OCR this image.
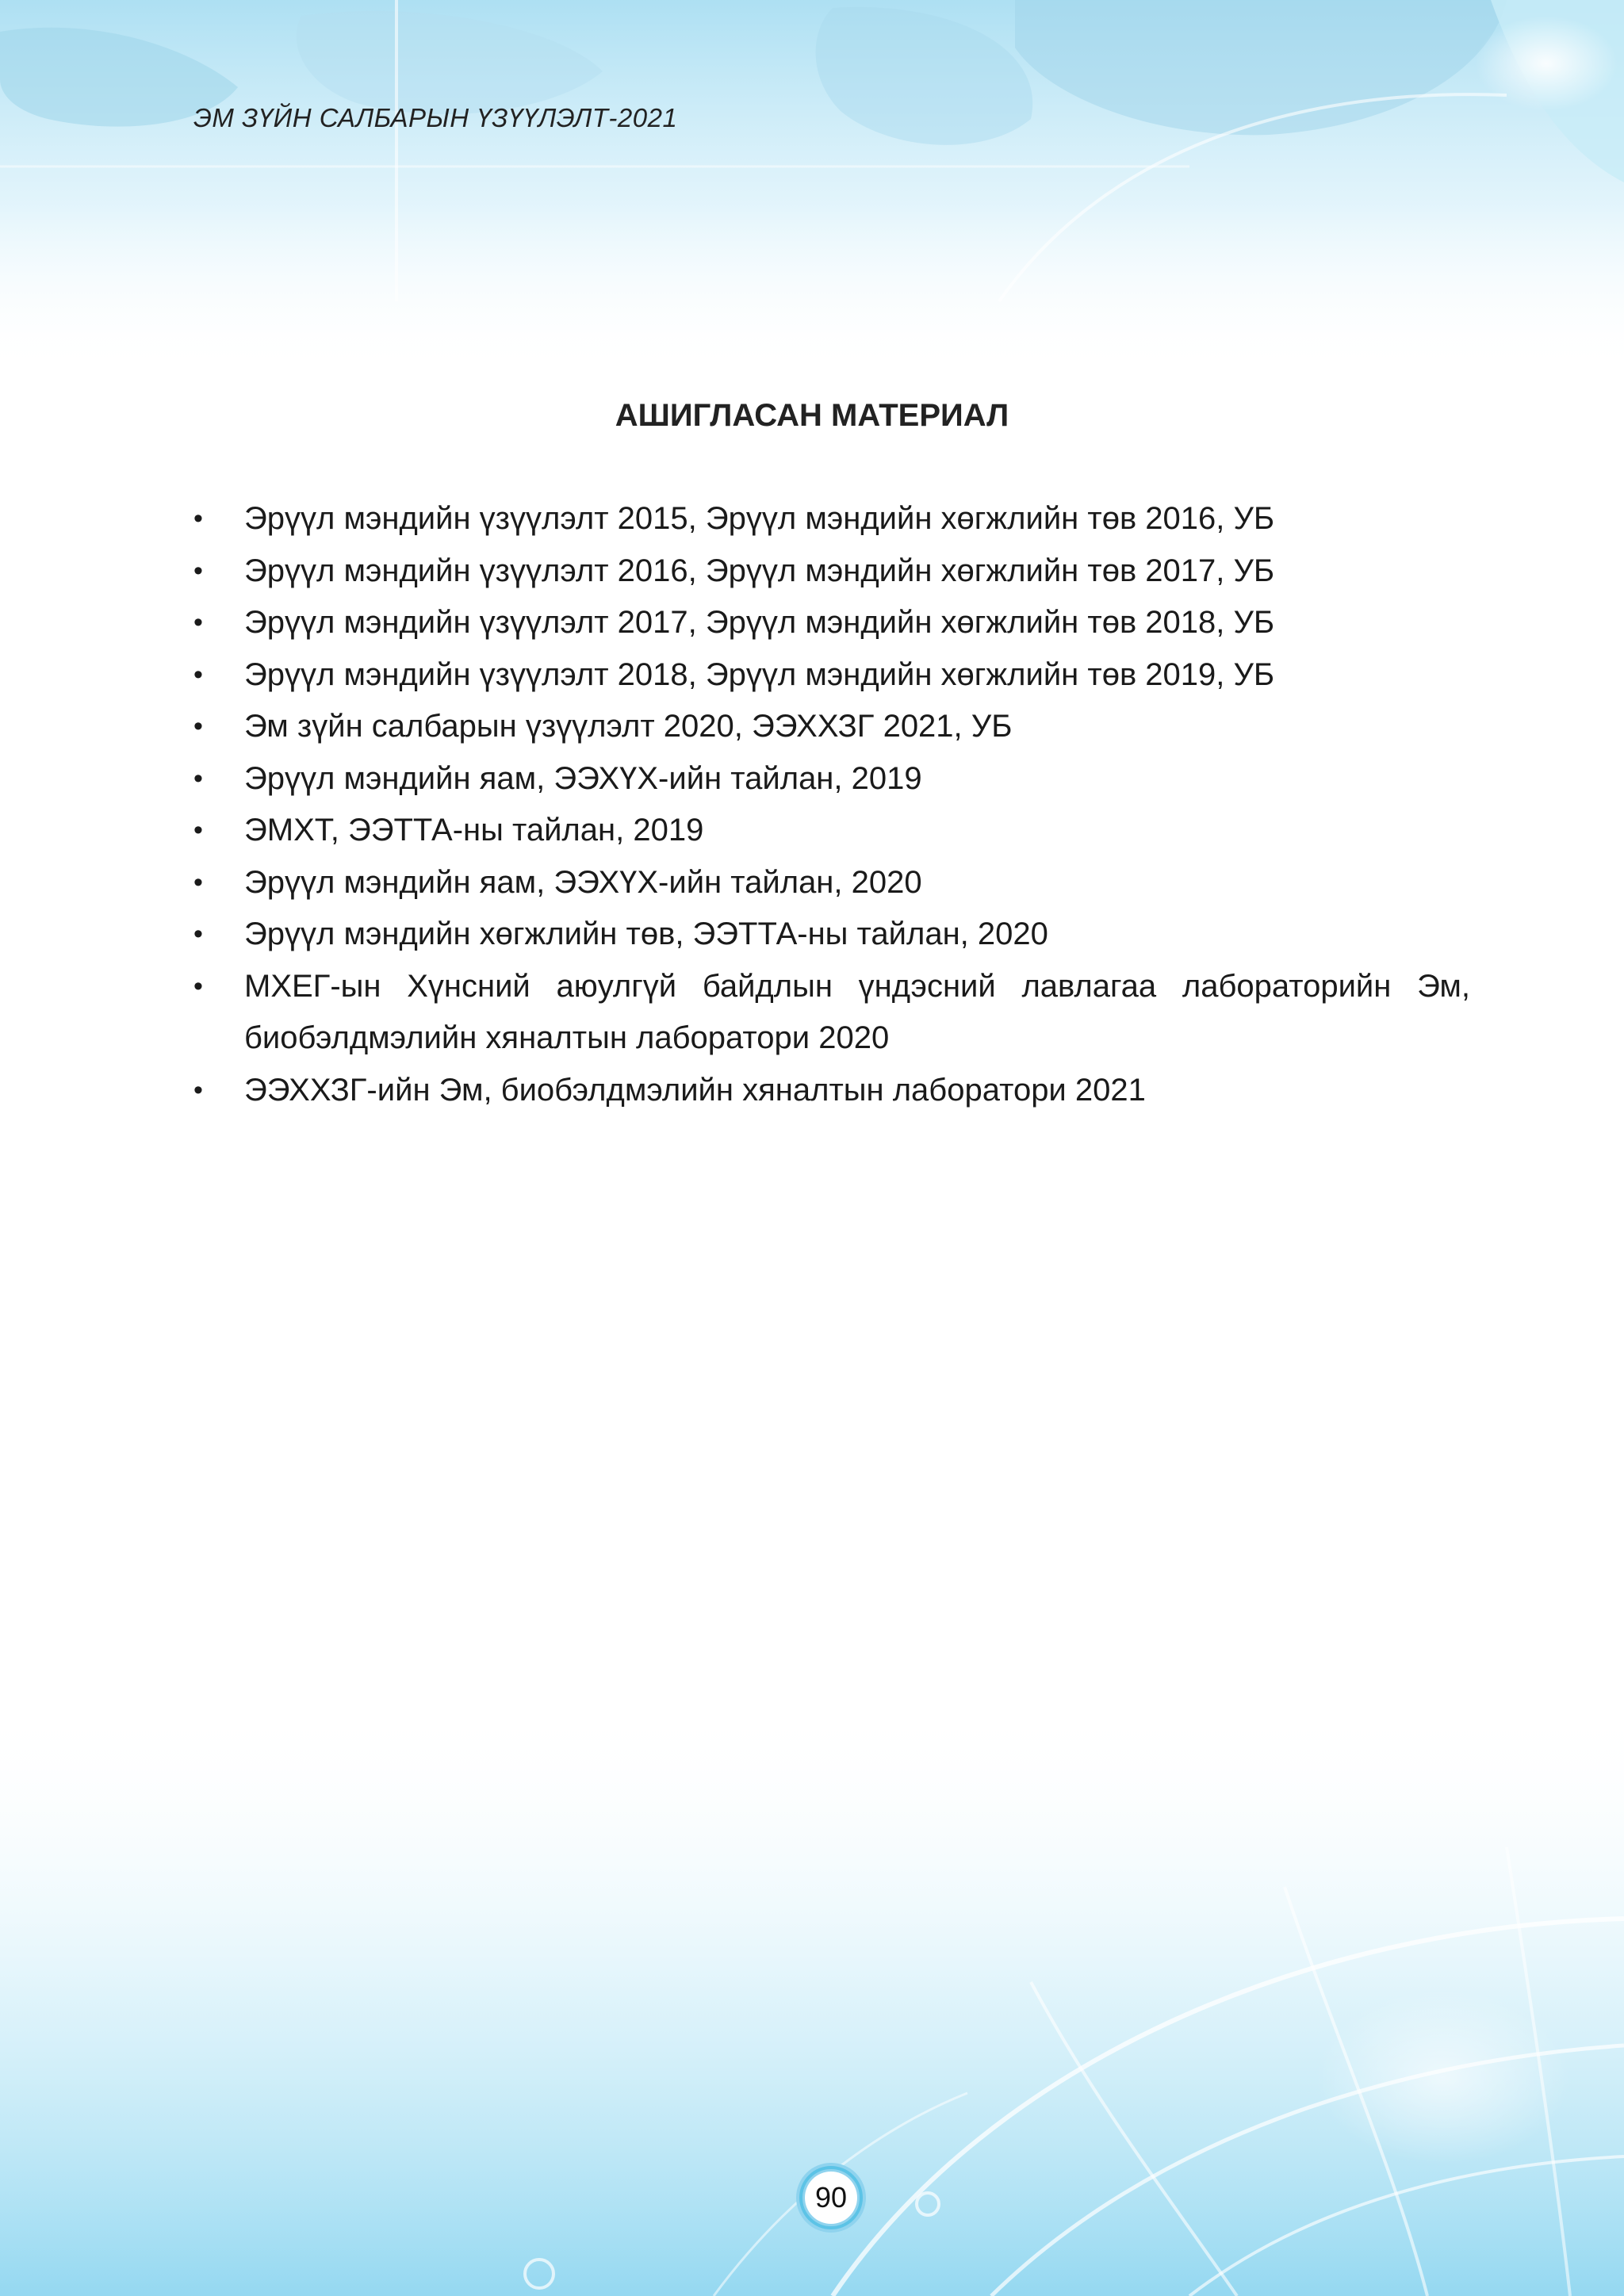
ЭМ ЗҮЙН САЛБАРЫН ҮЗҮҮЛЭЛТ-2021
АШИГЛАСАН МАТЕРИАЛ
• Эрүүл мэндийн үзүүлэлт 2015, Эрүүл мэндийн хөгжлийн төв 2016, УБ
• Эрүүл мэндийн үзүүлэлт 2016, Эрүүл мэндийн хөгжлийн төв 2017, УБ
• Эрүүл мэндийн үзүүлэлт 2017, Эрүүл мэндийн хөгжлийн төв 2018, УБ
• Эрүүл мэндийн үзүүлэлт 2018, Эрүүл мэндийн хөгжлийн төв 2019, УБ
• Эм зүйн салбарын үзүүлэлт 2020, ЭЭХХЗГ 2021, УБ
• Эрүүл мэндийн яам, ЭЭХҮХ-ийн тайлан, 2019
• ЭМХТ, ЭЭТТА-ны тайлан, 2019
• Эрүүл мэндийн яам, ЭЭХҮХ-ийн тайлан, 2020
• Эрүүл мэндийн хөгжлийн төв, ЭЭТТА-ны тайлан, 2020
• МХЕГ-ын Хүнсний аюулгүй байдлын үндэсний лавлагаа лабораторийн Эм, биобэлдмэлийн хяналтын лаборатори 2020
• ЭЭХХЗГ-ийн Эм, биобэлдмэлийн хяналтын лаборатори 2021
90
